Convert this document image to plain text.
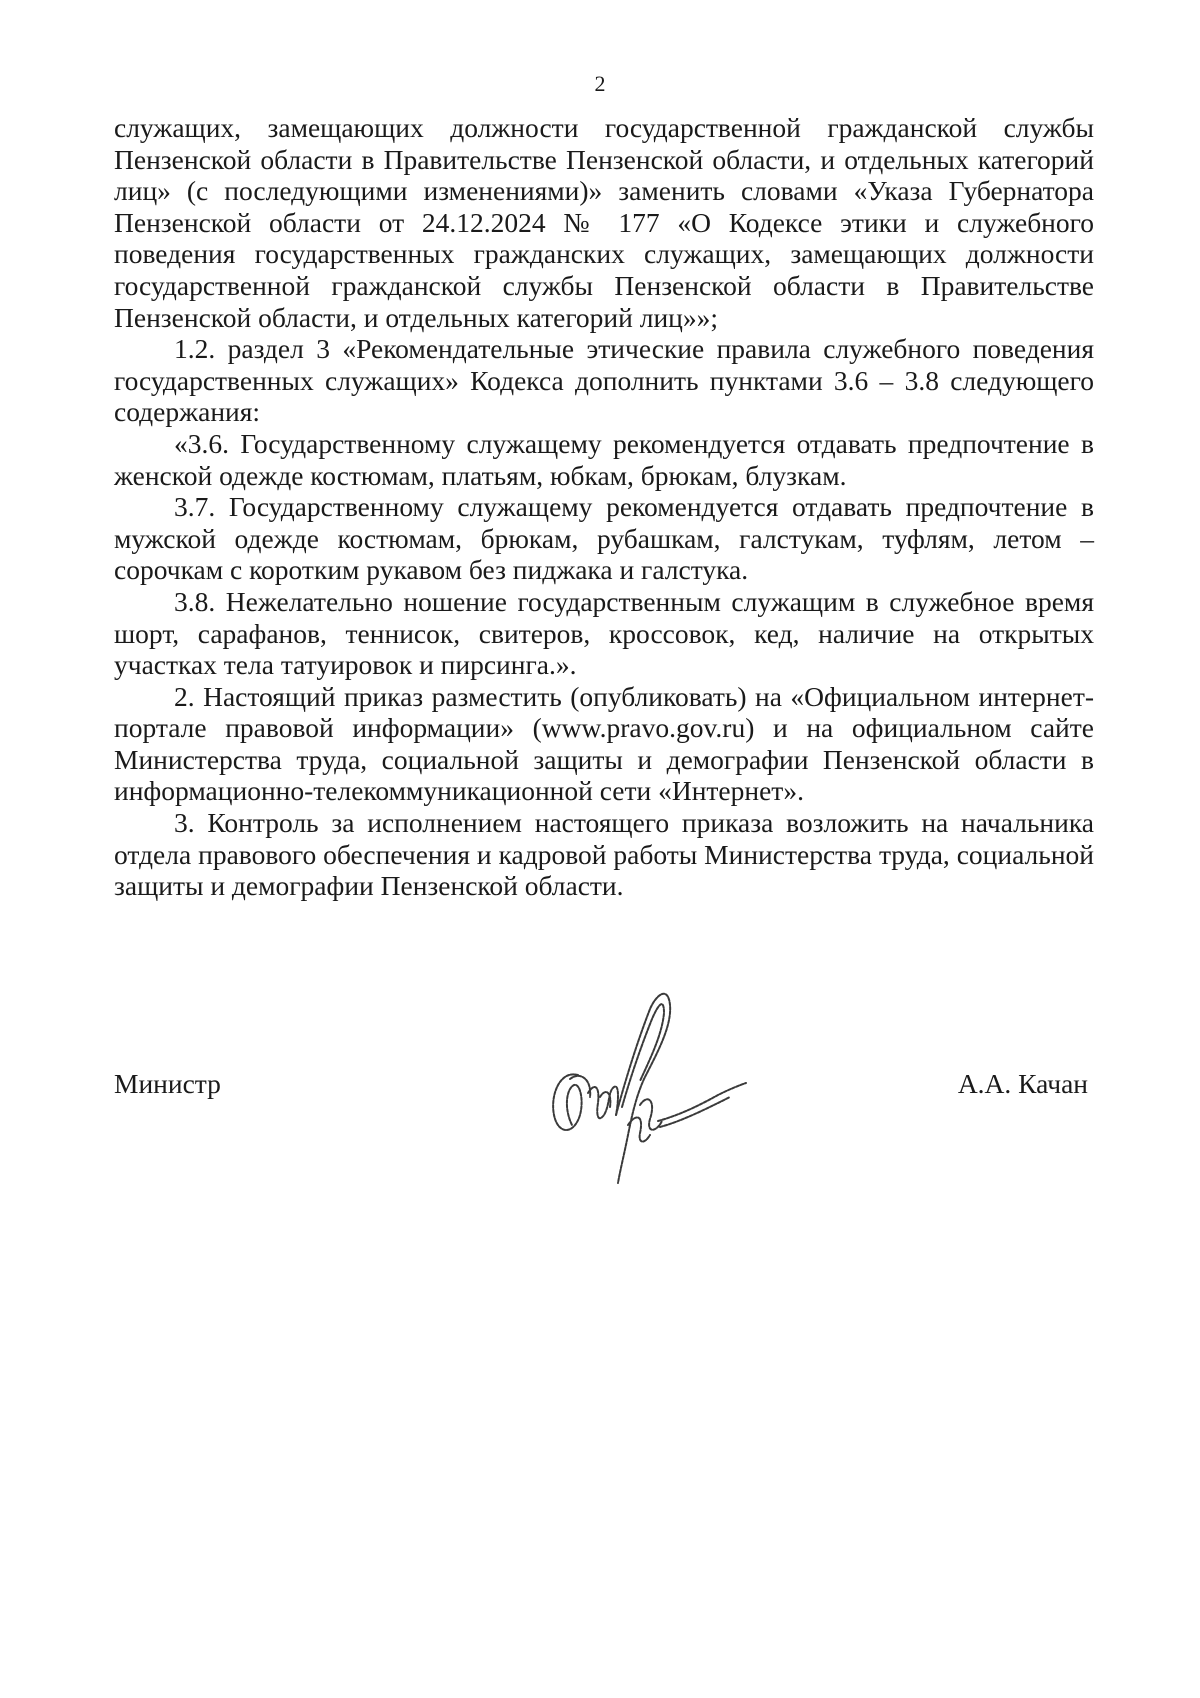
2

служащих, замещающих должности государственной гражданской службы Пензенской области в Правительстве Пензенской области, и отдельных категорий лиц» (с последующими изменениями)» заменить словами «Указа Губернатора Пензенской области от 24.12.2024 № 177 «О Кодексе этики и служебного поведения государственных гражданских служащих, замещающих должности государственной гражданской службы Пензенской области в Правительстве Пензенской области, и отдельных категорий лиц»»;

1.2. раздел 3 «Рекомендательные этические правила служебного поведения государственных служащих» Кодекса дополнить пунктами 3.6 – 3.8 следующего содержания:

«3.6. Государственному служащему рекомендуется отдавать предпочтение в женской одежде костюмам, платьям, юбкам, брюкам, блузкам.

3.7. Государственному служащему рекомендуется отдавать предпочтение в мужской одежде костюмам, брюкам, рубашкам, галстукам, туфлям, летом – сорочкам с коротким рукавом без пиджака и галстука.

3.8. Нежелательно ношение государственным служащим в служебное время шорт, сарафанов, теннисок, свитеров, кроссовок, кед, наличие на открытых участках тела татуировок и пирсинга.».

2. Настоящий приказ разместить (опубликовать) на «Официальном интернет-портале правовой информации» (www.pravo.gov.ru) и на официальном сайте Министерства труда, социальной защиты и демографии Пензенской области в информационно-телекоммуникационной сети «Интернет».

3. Контроль за исполнением настоящего приказа возложить на начальника отдела правового обеспечения и кадровой работы Министерства труда, социальной защиты и демографии Пензенской области.

Министр	А.А. Качан
